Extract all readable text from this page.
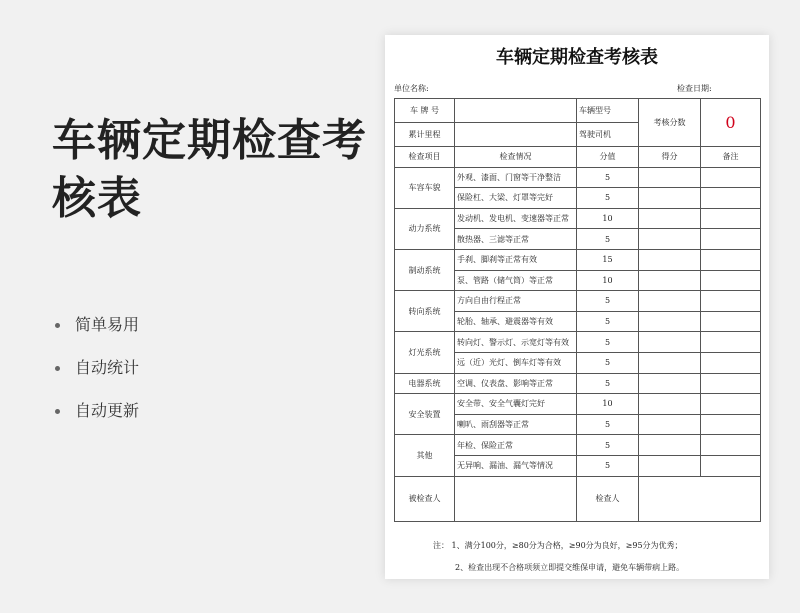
车辆定期检查考核表
简单易用
自动统计
自动更新
车辆定期检查考核表
单位名称:	检查日期:
车 牌 号		车辆型号	考核分数	0
累计里程		驾驶司机		
检查项目	检查情况	分值	得分	备注
车容车貌	外观、漆面、门窗等干净整洁	5		
	保险杠、大梁、灯罩等完好	5		
动力系统	发动机、发电机、变速器等正常	10		
	散热器、三滤等正常	5		
制动系统	手刹、脚刹等正常有效	15		
	泵、管路（储气筒）等正常	10		
转向系统	方向自由行程正常	5		
	轮胎、轴承、避震器等有效	5		
灯光系统	转向灯、警示灯、示宽灯等有效	5		
	远（近）光灯、倒车灯等有效	5		
电器系统	空调、仪表盘、影响等正常	5		
安全装置	安全带、安全气囊灯完好	10		
	喇叭、雨刮器等正常	5		
其他	年检、保险正常	5		
	无异响、漏油、漏气等情况	5		
被检查人		检查人		
注： 1、满分100分，≥80分为合格，≥90分为良好，≥95分为优秀；
2、检查出现不合格项须立即提交维保申请，避免车辆带病上路。
